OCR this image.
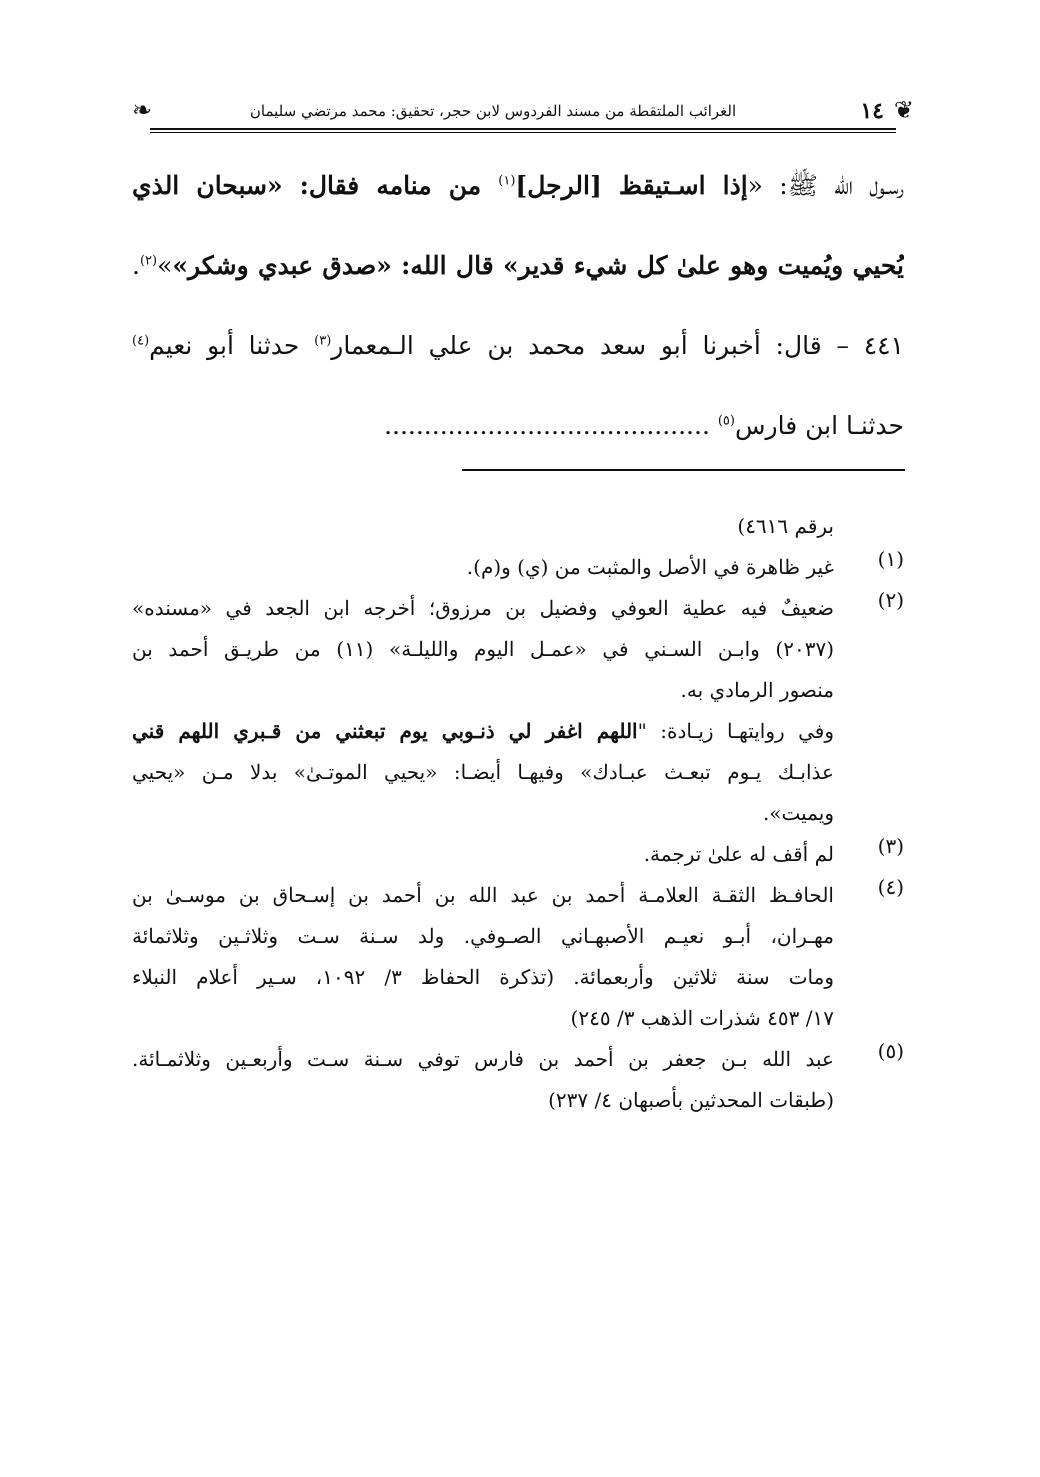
❦
١٤
الغرائب الملتقطة من مسند الفردوس لابن حجر، تحقيق: محمد مرتضي سليمان
❧
رسـول الله ﷺ: «إذا اسـتيقظ [الرجل]$^{(١)}$ من منامه فقال: «سبحان الذي
يُحيي ويُميت وهو علىٰ كل شيء قدير» قال الله: «صدق عبدي وشكر»»$^{(٢)}$.
٤٤١ – قال: أخبرنا أبو سعد محمد بن علي الـمعمار$^{(٣)}$ حدثنا أبو نعيم$^{(٤)}$
حدثنـا ابن فارس$^{(٥)}$ .........................................
برقم ٤٦١٦)
(١)
غير ظاهرة في الأصل والمثبت من (ي) و(م).
(٢)
ضعيفٌ فيه عطية العوفي وفضيل بن مرزوق؛ أخرجه ابن الجعد في «مسنده»
(٢٠٣٧) وابـن السـني في «عمـل اليوم والليلـة» (١١) من طريـق أحمد بن
منصور الرمادي به.
وفي روايتهـا زيـادة: "اللهم اغفر لي ذنـوبي يوم تبعثني من قـبري اللهم قني
عذابـك يـوم تبعـث عبـادك» وفيهـا أيضـا: «يحيي الموتـىٰ» بدلا مـن «يحيي
ويميت».
(٣)
لم أقف له علىٰ ترجمة.
(٤)
الحافـظ الثقـة العلامـة أحمد بن عبد الله بن أحمد بن إسـحاق بن موسـىٰ بن
مهـران، أبـو نعيـم الأصبهـاني الصـوفي. ولد سـنة سـت وثلاثـين وثلاثمائة
ومات سنة ثلاثين وأربعمائة. (تذكرة الحفاظ ٣/ ١٠٩٢، سـير أعلام النبلاء
١٧/ ٤٥٣ شذرات الذهب ٣/ ٢٤٥)
(٥)
عبد الله بـن جعفر بن أحمد بن فارس توفي سـنة سـت وأربعـين وثلاثمـائة.
(طبقات المحدثين بأصبهان ٤/ ٢٣٧)
